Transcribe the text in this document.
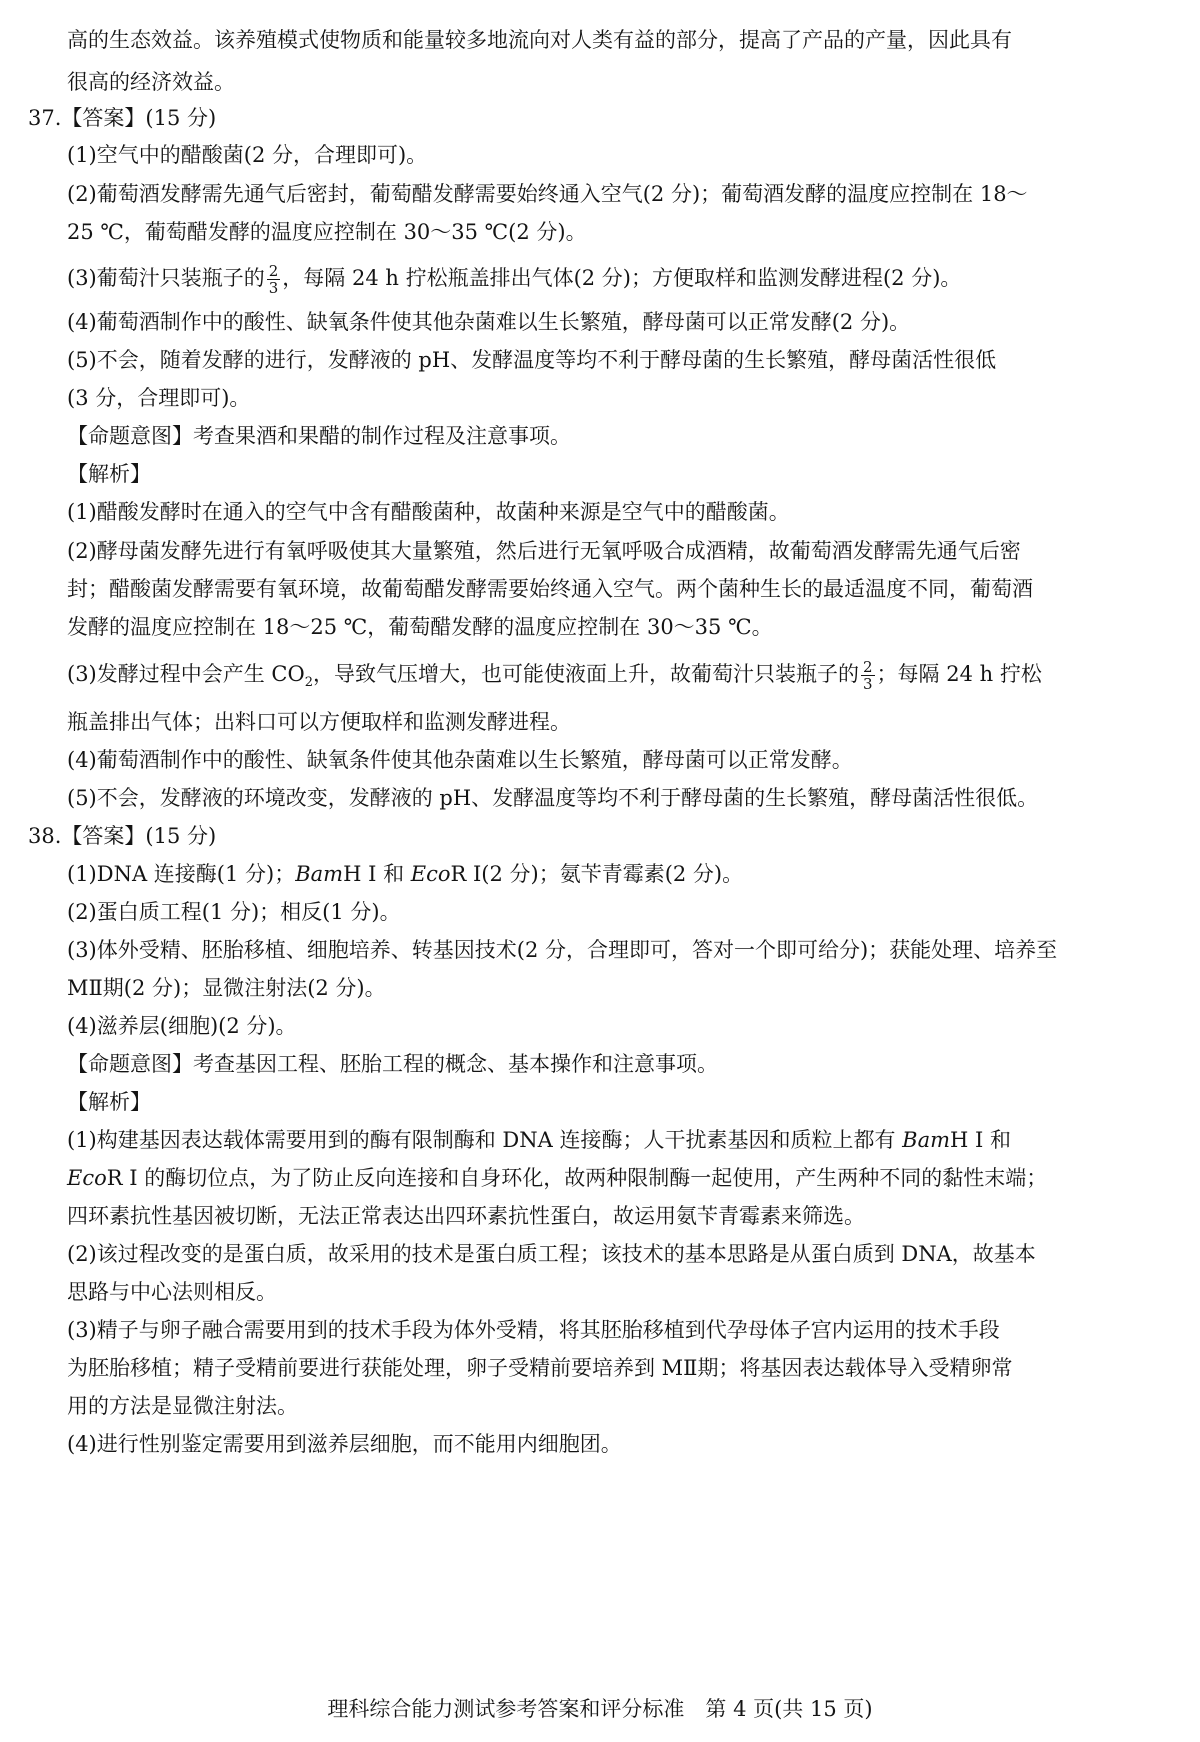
高的生态效益。该养殖模式使物质和能量较多地流向对人类有益的部分，提高了产品的产量，因此具有
很高的经济效益。
37.【答案】(15 分)
(1)空气中的醋酸菌(2 分，合理即可)。
(2)葡萄酒发酵需先通气后密封，葡萄醋发酵需要始终通入空气(2 分)；葡萄酒发酵的温度应控制在 18～
25 ℃，葡萄醋发酵的温度应控制在 30～35 ℃(2 分)。
(3)葡萄汁只装瓶子的 $\frac{2}{3}$ ，每隔 24 h 拧松瓶盖排出气体(2 分)；方便取样和监测发酵进程(2 分)。
(4)葡萄酒制作中的酸性、缺氧条件使其他杂菌难以生长繁殖，酵母菌可以正常发酵(2 分)。
(5)不会，随着发酵的进行，发酵液的 pH、发酵温度等均不利于酵母菌的生长繁殖，酵母菌活性很低
(3 分，合理即可)。
【命题意图】考查果酒和果醋的制作过程及注意事项。
【解析】
(1)醋酸发酵时在通入的空气中含有醋酸菌种，故菌种来源是空气中的醋酸菌。
(2)酵母菌发酵先进行有氧呼吸使其大量繁殖，然后进行无氧呼吸合成酒精，故葡萄酒发酵需先通气后密
封；醋酸菌发酵需要有氧环境，故葡萄醋发酵需要始终通入空气。两个菌种生长的最适温度不同，葡萄酒
发酵的温度应控制在 18～25 ℃，葡萄醋发酵的温度应控制在 30～35 ℃。
(3)发酵过程中会产生 $CO_2$，导致气压增大，也可能使液面上升，故葡萄汁只装瓶子的 $\frac{2}{3}$ ；每隔 24 h 拧松
瓶盖排出气体；出料口可以方便取样和监测发酵进程。
(4)葡萄酒制作中的酸性、缺氧条件使其他杂菌难以生长繁殖，酵母菌可以正常发酵。
(5)不会，发酵液的环境改变，发酵液的 pH、发酵温度等均不利于酵母菌的生长繁殖，酵母菌活性很低。
38.【答案】(15 分)
(1)DNA 连接酶(1 分)；BamH Ⅰ 和 EcoR Ⅰ(2 分)；氨苄青霉素(2 分)。
(2)蛋白质工程(1 分)；相反(1 分)。
(3)体外受精、胚胎移植、细胞培养、转基因技术(2 分，合理即可，答对一个即可给分)；获能处理、培养至
MⅡ期(2 分)；显微注射法(2 分)。
(4)滋养层(细胞)(2 分)。
【命题意图】考查基因工程、胚胎工程的概念、基本操作和注意事项。
【解析】
(1)构建基因表达载体需要用到的酶有限制酶和 DNA 连接酶；人干扰素基因和质粒上都有 BamH Ⅰ 和
EcoR Ⅰ 的酶切位点，为了防止反向连接和自身环化，故两种限制酶一起使用，产生两种不同的黏性末端；
四环素抗性基因被切断，无法正常表达出四环素抗性蛋白，故运用氨苄青霉素来筛选。
(2)该过程改变的是蛋白质，故采用的技术是蛋白质工程；该技术的基本思路是从蛋白质到 DNA，故基本
思路与中心法则相反。
(3)精子与卵子融合需要用到的技术手段为体外受精，将其胚胎移植到代孕母体子宫内运用的技术手段
为胚胎移植；精子受精前要进行获能处理，卵子受精前要培养到 MⅡ期；将基因表达载体导入受精卵常
用的方法是显微注射法。
(4)进行性别鉴定需要用到滋养层细胞，而不能用内细胞团。
理科综合能力测试参考答案和评分标准　第 4 页(共 15 页)
